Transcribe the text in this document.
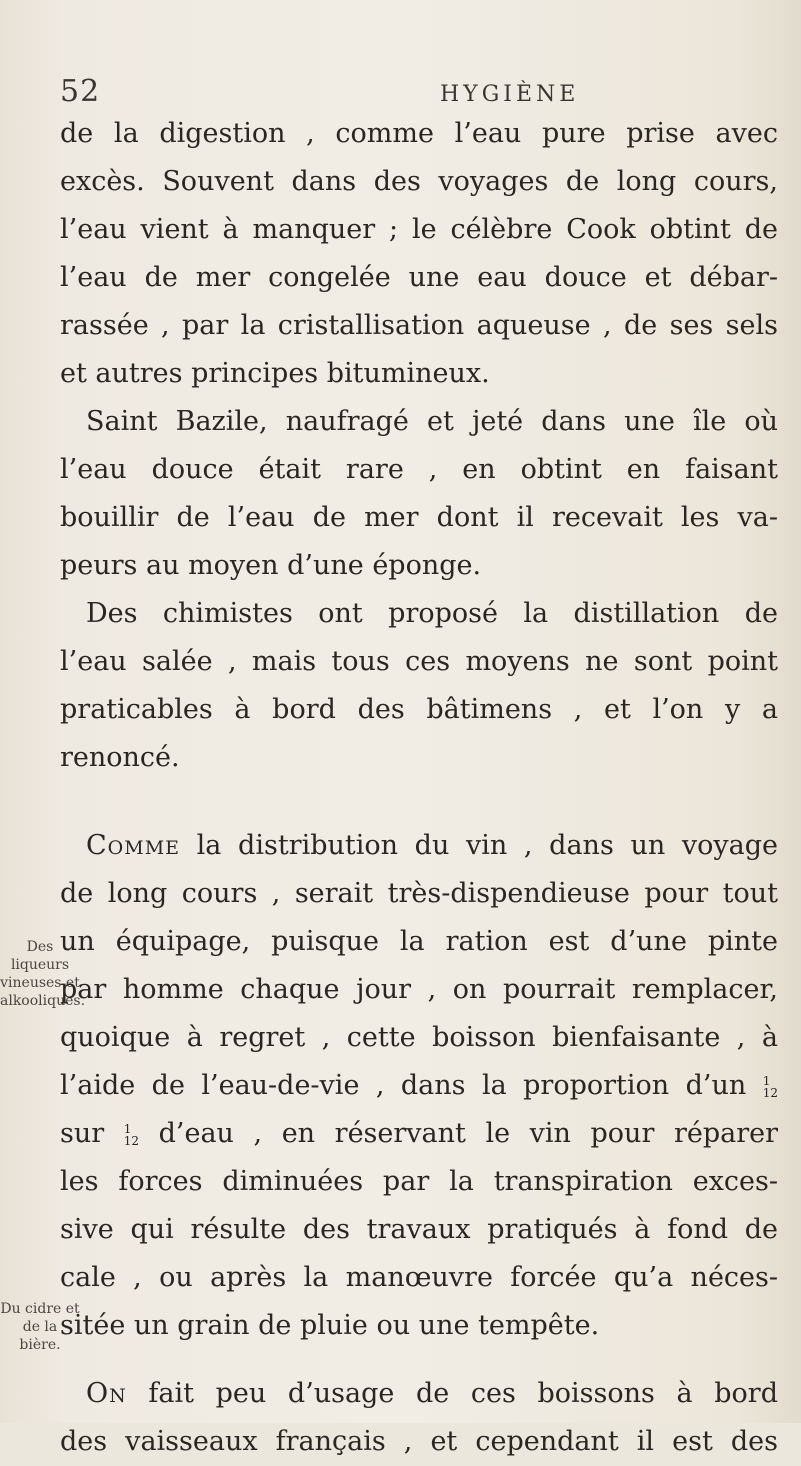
52	HYGIÈNE
Des liqueurs vineuses et alkooliques.
Du cidre et de la bière.
de la digestion , comme l’eau pure prise avec
excès. Souvent dans des voyages de long cours,
l’eau vient à manquer ; le célèbre Cook obtint de
l’eau de mer congelée une eau douce et débar-
rassée , par la cristallisation aqueuse , de ses sels
et autres principes bitumineux.
Saint Bazile, naufragé et jeté dans une île où
l’eau douce était rare , en obtint en faisant
bouillir de l’eau de mer dont il recevait les va-
peurs au moyen d’une éponge.
Des chimistes ont proposé la distillation de
l’eau salée , mais tous ces moyens ne sont point
praticables à bord des bâtimens , et l’on y a
renoncé.
Comme la distribution du vin , dans un voyage
de long cours , serait très-dispendieuse pour tout
un équipage, puisque la ration est d’une pinte
par homme chaque jour , on pourrait remplacer,
quoique à regret , cette boisson bienfaisante , à
l’aide de l’eau-de-vie , dans la proportion d’un 1
12
sur 1
12 d’eau , en réservant le vin pour réparer
les forces diminuées par la transpiration exces-
sive qui résulte des travaux pratiqués à fond de
cale , ou après la manœuvre forcée qu’a néces-
sitée un grain de pluie ou une tempête.
On fait peu d’usage de ces boissons à bord
des vaisseaux français , et cependant il est des
